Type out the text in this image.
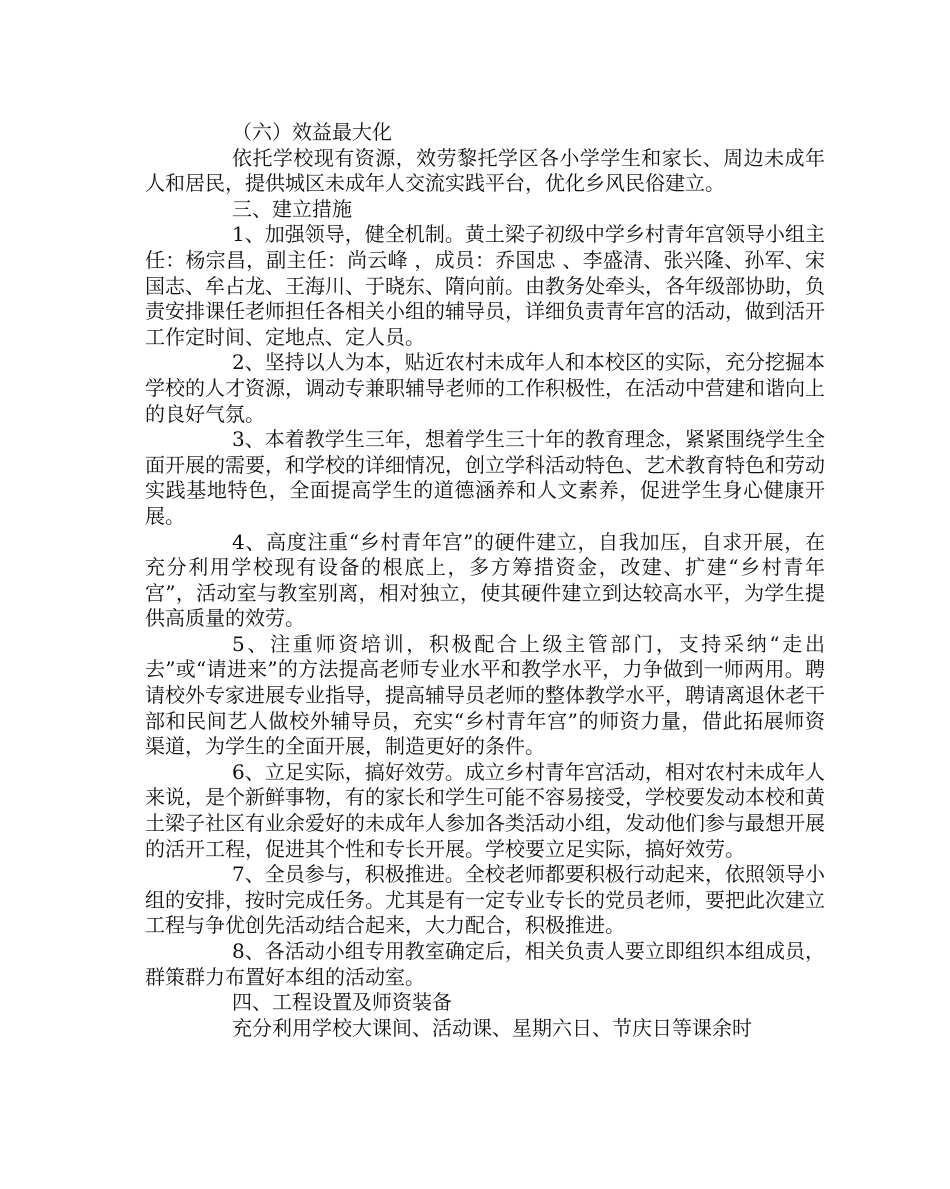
（六）效益最大化

依托学校现有资源，效劳黎托学区各小学学生和家长、周边未成年人和居民，提供城区未成年人交流实践平台，优化乡风民俗建立。

三、建立措施

1、加强领导，健全机制。黄土梁子初级中学乡村青年宫领导小组主任：杨宗昌，副主任：尚云峰 ，成员：乔国忠 、李盛清、张兴隆、孙军、宋国志、牟占龙、王海川、于晓东、隋向前。由教务处牵头，各年级部协助，负责安排课任老师担任各相关小组的辅导员，详细负责青年宫的活动，做到活开工作定时间、定地点、定人员。

2、坚持以人为本，贴近农村未成年人和本校区的实际，充分挖掘本学校的人才资源，调动专兼职辅导老师的工作积极性，在活动中营建和谐向上的良好气氛。

3、本着教学生三年，想着学生三十年的教育理念，紧紧围绕学生全面开展的需要，和学校的详细情况，创立学科活动特色、艺术教育特色和劳动实践基地特色，全面提高学生的道德涵养和人文素养，促进学生身心健康开展。

4、高度注重“乡村青年宫”的硬件建立，自我加压，自求开展，在充分利用学校现有设备的根底上，多方筹措资金，改建、扩建“乡村青年宫”，活动室与教室别离，相对独立，使其硬件建立到达较高水平，为学生提供高质量的效劳。

5、注重师资培训，积极配合上级主管部门，支持采纳“走出去”或“请进来”的方法提高老师专业水平和教学水平，力争做到一师两用。聘请校外专家进展专业指导，提高辅导员老师的整体教学水平，聘请离退休老干部和民间艺人做校外辅导员，充实“乡村青年宫”的师资力量，借此拓展师资渠道，为学生的全面开展，制造更好的条件。

6、立足实际，搞好效劳。成立乡村青年宫活动，相对农村未成年人来说，是个新鲜事物，有的家长和学生可能不容易接受，学校要发动本校和黄土梁子社区有业余爱好的未成年人参加各类活动小组，发动他们参与最想开展的活开工程，促进其个性和专长开展。学校要立足实际，搞好效劳。

7、全员参与，积极推进。全校老师都要积极行动起来，依照领导小组的安排，按时完成任务。尤其是有一定专业专长的党员老师，要把此次建立工程与争优创先活动结合起来，大力配合，积极推进。

8、各活动小组专用教室确定后，相关负责人要立即组织本组成员，群策群力布置好本组的活动室。

四、工程设置及师资装备

充分利用学校大课间、活动课、星期六日、节庆日等课余时
